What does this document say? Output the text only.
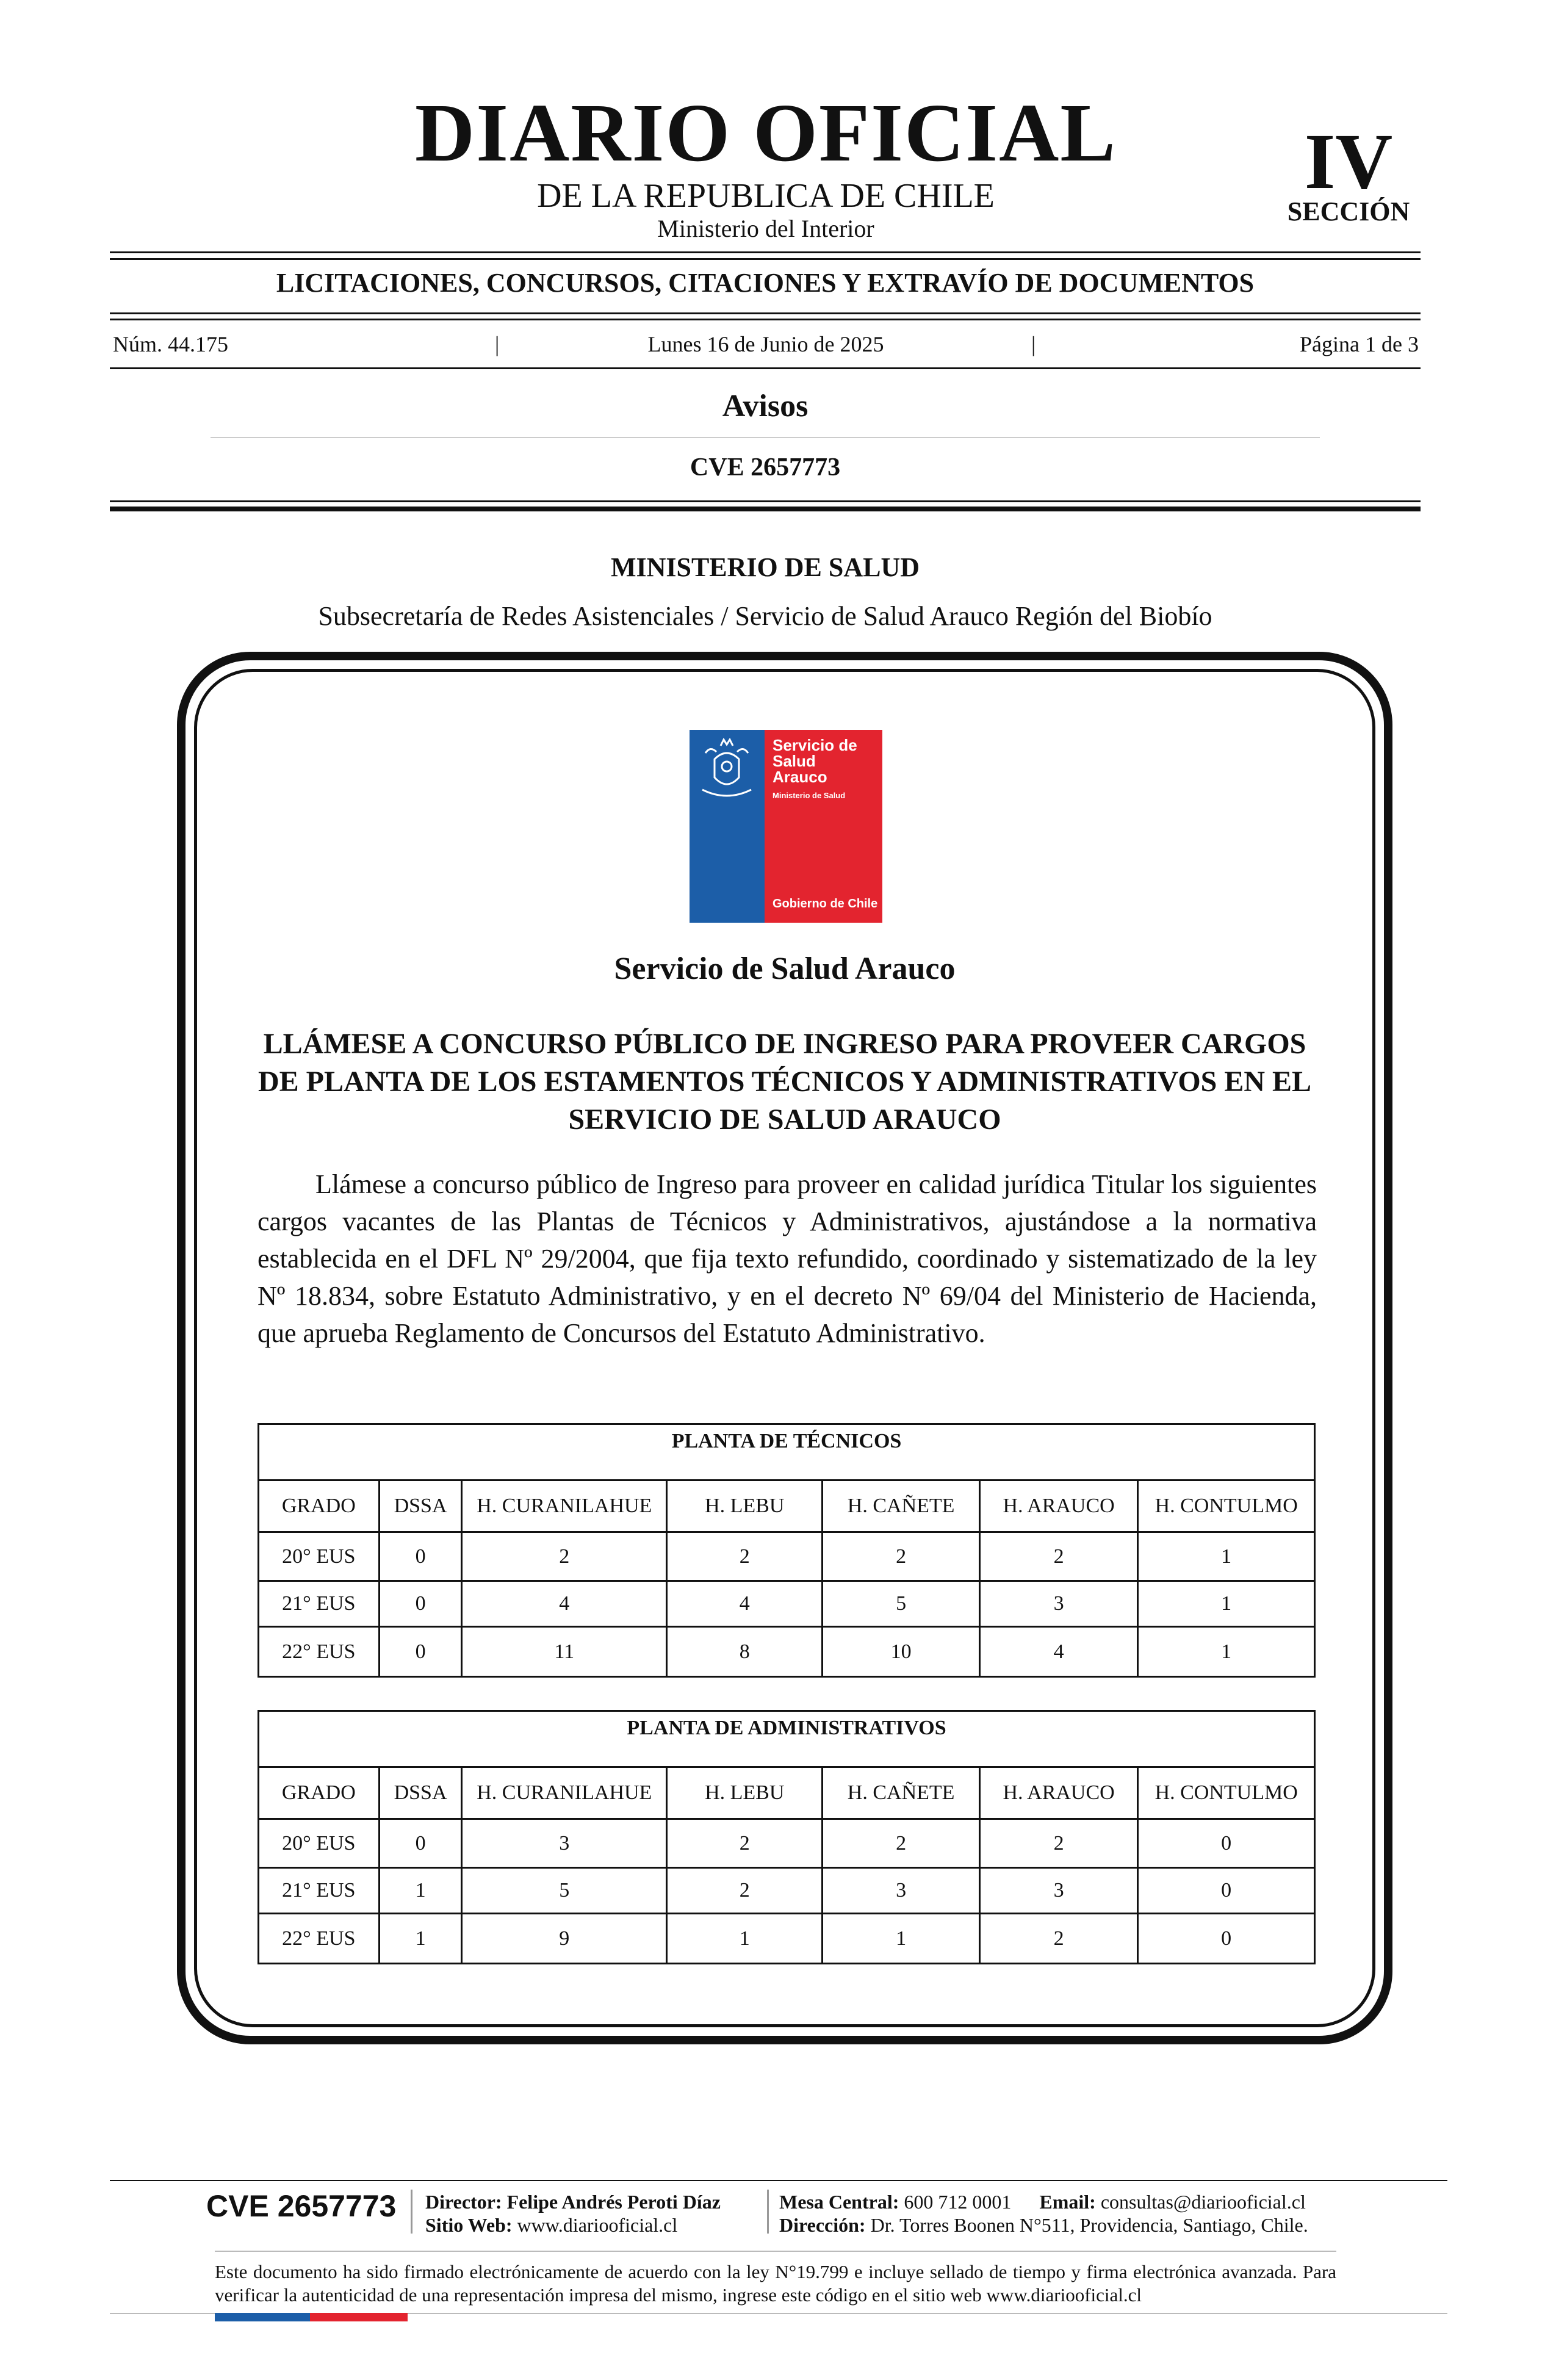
DIARIO OFICIAL
DE LA REPUBLICA DE CHILE
Ministerio del Interior
IV
SECCIÓN
LICITACIONES, CONCURSOS, CITACIONES Y EXTRAVÍO DE DOCUMENTOS
Núm. 44.175	|	Lunes 16 de Junio de 2025	|	Página 1 de 3
Avisos
CVE 2657773
MINISTERIO DE SALUD
Subsecretaría de Redes Asistenciales / Servicio de Salud Arauco Región del Biobío
Servicio de
Salud
Arauco
Ministerio de Salud
Gobierno de Chile
Servicio de Salud Arauco
LLÁMESE A CONCURSO PÚBLICO DE INGRESO PARA PROVEER CARGOS DE PLANTA DE LOS ESTAMENTOS TÉCNICOS Y ADMINISTRATIVOS EN EL SERVICIO DE SALUD ARAUCO
Llámese a concurso público de Ingreso para proveer en calidad jurídica Titular los siguientes cargos vacantes de las Plantas de Técnicos y Administrativos, ajustándose a la normativa establecida en el DFL Nº 29/2004, que fija texto refundido, coordinado y sistematizado de la ley Nº 18.834, sobre Estatuto Administrativo, y en el decreto Nº 69/04 del Ministerio de Hacienda, que aprueba Reglamento de Concursos del Estatuto Administrativo.
PLANTA DE TÉCNICOS						
GRADO	DSSA	H. CURANILAHUE	H. LEBU	H. CAÑETE	H. ARAUCO	H. CONTULMO
20° EUS	0	2	2	2	2	1
21° EUS	0	4	4	5	3	1
22° EUS	0	11	8	10	4	1
PLANTA DE ADMINISTRATIVOS						
GRADO	DSSA	H. CURANILAHUE	H. LEBU	H. CAÑETE	H. ARAUCO	H. CONTULMO
20° EUS	0	3	2	2	2	0
21° EUS	1	5	2	3	3	0
22° EUS	1	9	1	1	2	0
CVE 2657773 Director: Felipe Andrés Peroti Díaz
Sitio Web: www.diariooficial.cl
Mesa Central: 600 712 0001 Email: consultas@diariooficial.cl
Dirección: Dr. Torres Boonen N°511, Providencia, Santiago, Chile.
Este documento ha sido firmado electrónicamente de acuerdo con la ley N°19.799 e incluye sellado de tiempo y firma electrónica avanzada. Para verificar la autenticidad de una representación impresa del mismo, ingrese este código en el sitio web www.diariooficial.cl
